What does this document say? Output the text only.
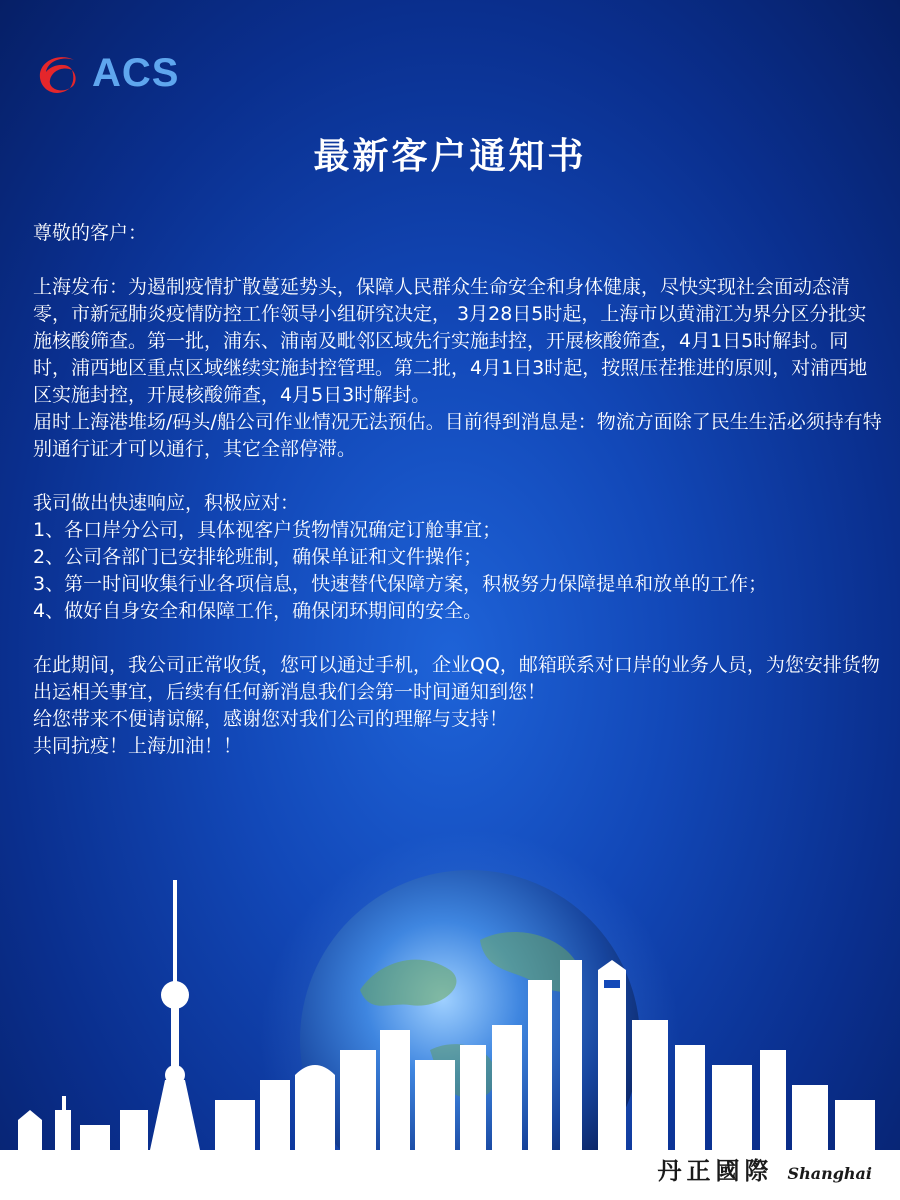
ACS
最新客户通知书

尊敬的客户：

上海发布：为遏制疫情扩散蔓延势头，保障人民群众生命安全和身体健康，尽快实现社会面动态清零，市新冠肺炎疫情防控工作领导小组研究决定， 3月28日5时起，上海市以黄浦江为界分区分批实施核酸筛查。第一批，浦东、浦南及毗邻区域先行实施封控，开展核酸筛查，4月1日5时解封。同时，浦西地区重点区域继续实施封控管理。第二批，4月1日3时起，按照压茬推进的原则，对浦西地区实施封控，开展核酸筛查，4月5日3时解封。

届时上海港堆场/码头/船公司作业情况无法预估。目前得到消息是：物流方面除了民生生活必须持有特别通行证才可以通行，其它全部停滞。

我司做出快速响应，积极应对：

1、各口岸分公司，具体视客户货物情况确定订舱事宜；

2、公司各部门已安排轮班制，确保单证和文件操作；

3、第一时间收集行业各项信息，快速替代保障方案，积极努力保障提单和放单的工作；

4、做好自身安全和保障工作，确保闭环期间的安全。

在此期间，我公司正常收货，您可以通过手机，企业QQ，邮箱联系对口岸的业务人员，为您安排货物出运相关事宜，后续有任何新消息我们会第一时间通知到您！

给您带来不便请谅解，感谢您对我们公司的理解与支持！

共同抗疫！上海加油！！

丹正國際 Shanghai
